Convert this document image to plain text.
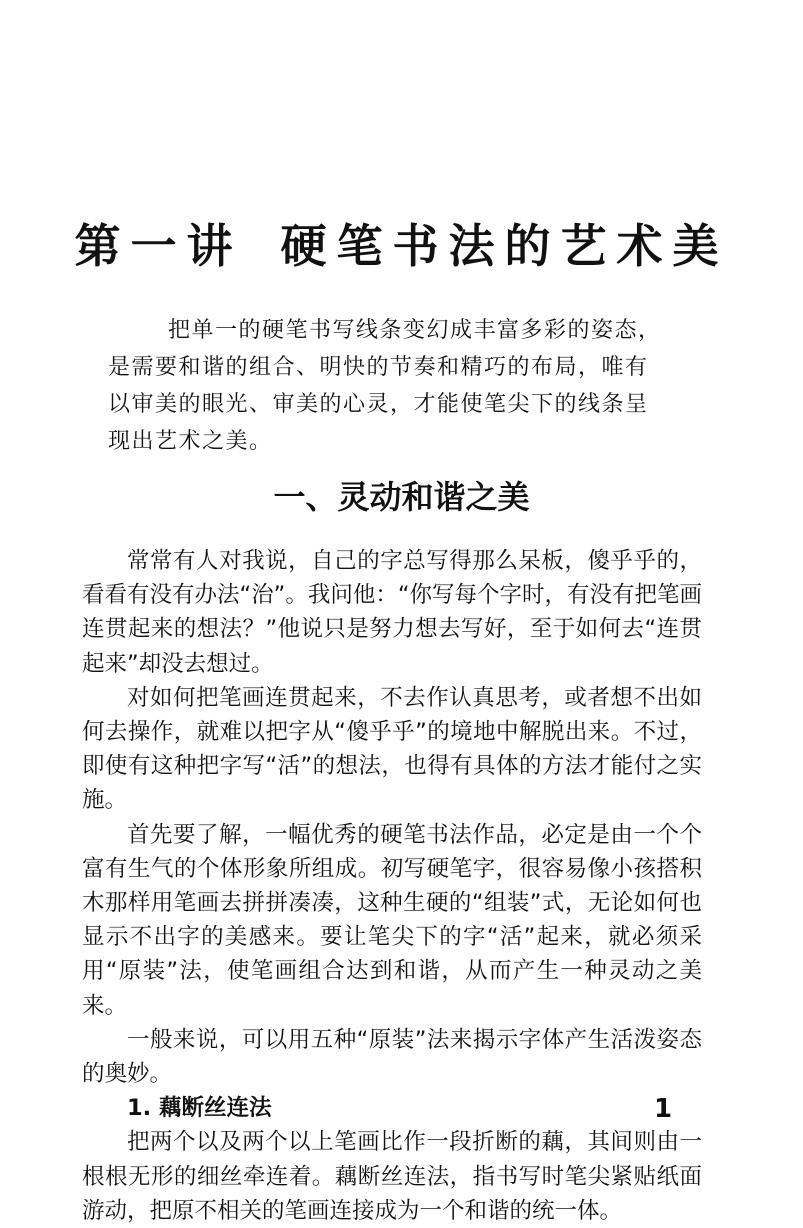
第一讲 硬笔书法的艺术美

把单一的硬笔书写线条变幻成丰富多彩的姿态，是需要和谐的组合、明快的节奏和精巧的布局，唯有以审美的眼光、审美的心灵，才能使笔尖下的线条呈现出艺术之美。

一、灵动和谐之美

常常有人对我说，自己的字总写得那么呆板，傻乎乎的，看看有没有办法“治”。我问他：“你写每个字时，有没有把笔画连贯起来的想法？”他说只是努力想去写好，至于如何去“连贯起来”却没去想过。

对如何把笔画连贯起来，不去作认真思考，或者想不出如何去操作，就难以把字从“傻乎乎”的境地中解脱出来。不过，即使有这种把字写“活”的想法，也得有具体的方法才能付之实施。

首先要了解，一幅优秀的硬笔书法作品，必定是由一个个富有生气的个体形象所组成。初写硬笔字，很容易像小孩搭积木那样用笔画去拼拼凑凑，这种生硬的“组装”式，无论如何也显示不出字的美感来。要让笔尖下的字“活”起来，就必须采用“原装”法，使笔画组合达到和谐，从而产生一种灵动之美来。

一般来说，可以用五种“原装”法来揭示字体产生活泼姿态的奥妙。

1. 藕断丝连法

把两个以及两个以上笔画比作一段折断的藕，其间则由一根根无形的细丝牵连着。藕断丝连法，指书写时笔尖紧贴纸面游动，把原不相关的笔画连接成为一个和谐的统一体。

1
